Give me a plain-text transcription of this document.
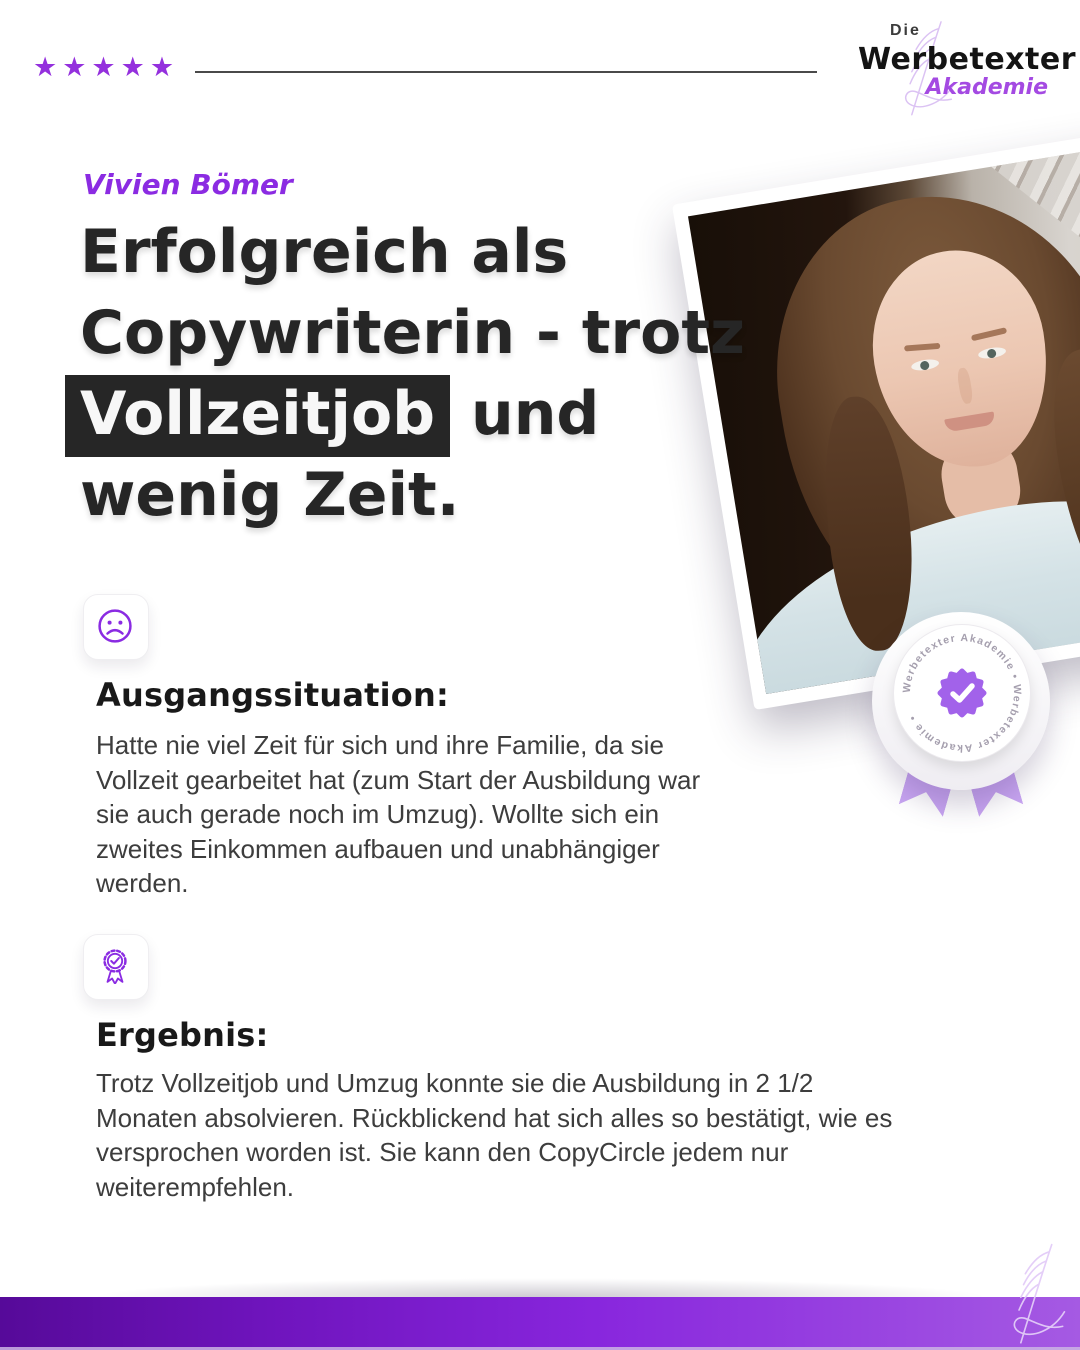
★★★★★
Die
Werbetexter
Akademie
Vivien Bömer
Erfolgreich als
Copywriterin - trotz
Vollzeitjob und
wenig Zeit.
Werbetexter Akademie • Werbetexter Akademie •
Ausgangssituation:
Hatte nie viel Zeit für sich und ihre Familie, da sie Vollzeit gearbeitet hat (zum Start der Ausbildung war sie auch gerade noch im Umzug). Wollte sich ein zweites Einkommen aufbauen und unabhängiger werden.
Ergebnis:
Trotz Vollzeitjob und Umzug konnte sie die Ausbildung in 2 1/2 Monaten absolvieren. Rückblickend hat sich alles so bestätigt, wie es versprochen worden ist. Sie kann den CopyCircle jedem nur weiterempfehlen.
